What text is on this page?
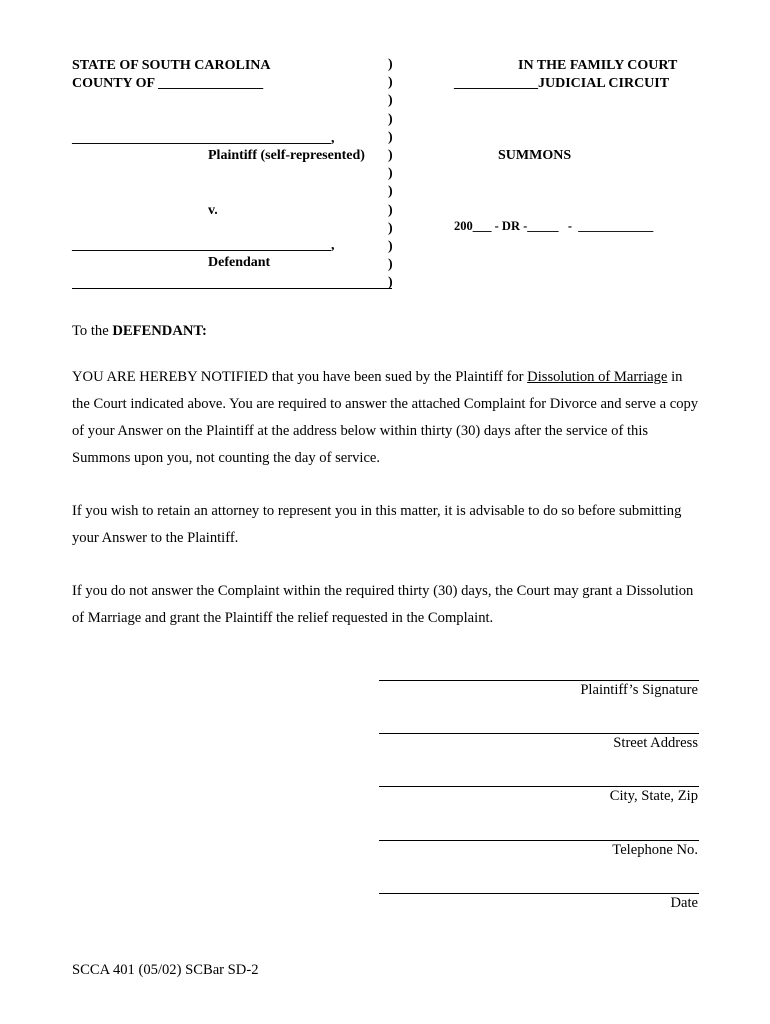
STATE OF SOUTH CAROLINA
COUNTY OF _______________
_____________________________________,
Plaintiff (self-represented)
v.
_____________________________________,
Defendant
)
)
)
)
)
)
)
)
)
)
)
)
)
IN THE FAMILY COURT
____________JUDICIAL CIRCUIT
SUMMONS
200___ - DR -_____   -  ____________

To the DEFENDANT:

YOU ARE HEREBY NOTIFIED that you have been sued by the Plaintiff for Dissolution of Marriage in the Court indicated above. You are required to answer the attached Complaint for Divorce and serve a copy of your Answer on the Plaintiff at the address below within thirty (30) days after the service of this Summons upon you, not counting the day of service.

If you wish to retain an attorney to represent you in this matter, it is advisable to do so before submitting your Answer to the Plaintiff.

If you do not answer the Complaint within the required thirty (30) days, the Court may grant a Dissolution of Marriage and grant the Plaintiff the relief requested in the Complaint.

Plaintiff’s Signature
Street Address
City, State, Zip
Telephone No.
Date
SCCA 401 (05/02) SCBar SD-2
